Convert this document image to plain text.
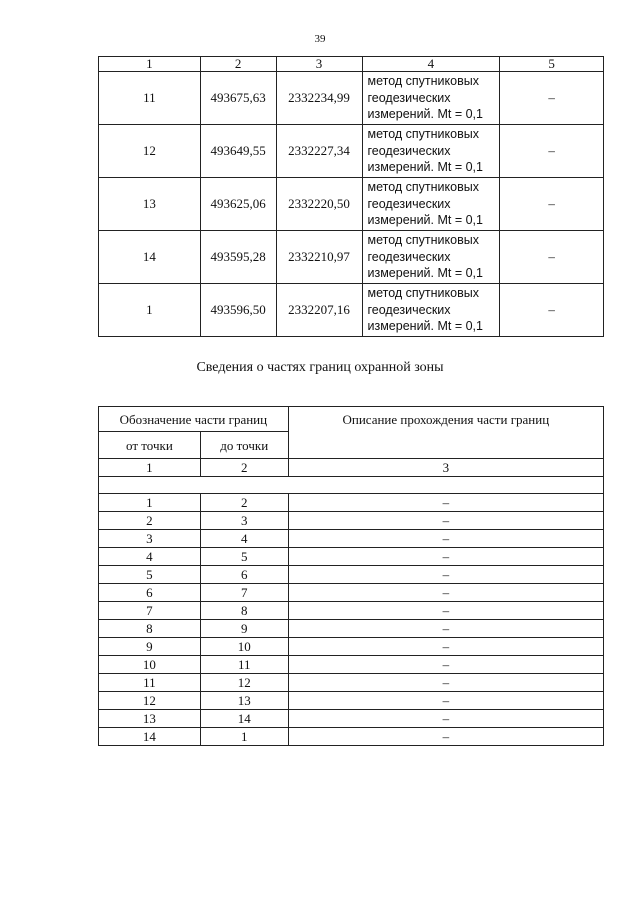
39
1	2	3	4	5
11	493675,63	2332234,99	метод спутниковых
геодезических
измерений. Mt = 0,1	–
12	493649,55	2332227,34	метод спутниковых
геодезических
измерений. Mt = 0,1	–
13	493625,06	2332220,50	метод спутниковых
геодезических
измерений. Mt = 0,1	–
14	493595,28	2332210,97	метод спутниковых
геодезических
измерений. Mt = 0,1	–
1	493596,50	2332207,16	метод спутниковых
геодезических
измерений. Mt = 0,1	–
Сведения о частях границ охранной зоны
Обозначение части границ		Описание прохождения части границ
от точки	до точки	
1	2	3

1	2	–
2	3	–
3	4	–
4	5	–
5	6	–
6	7	–
7	8	–
8	9	–
9	10	–
10	11	–
11	12	–
12	13	–
13	14	–
14	1	–
